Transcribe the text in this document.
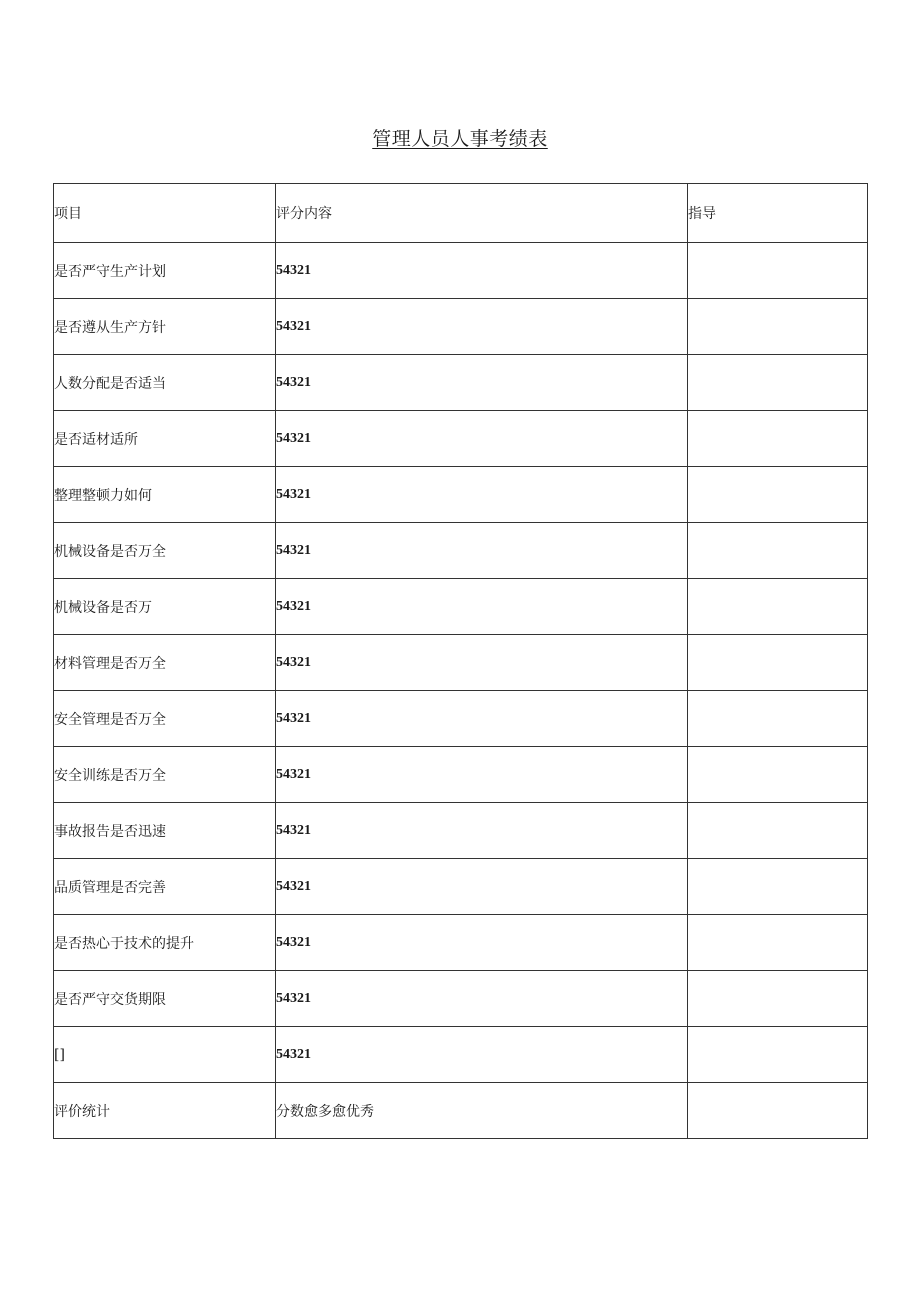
管理人员人事考绩表
项目	评分内容	指导
是否严守生产计划	54321	
是否遵从生产方针	54321	
人数分配是否适当	54321	
是否适材适所	54321	
整理整顿力如何	54321	
机械设备是否万全	54321	
机械设备是否万	54321	
材料管理是否万全	54321	
安全管理是否万全	54321	
安全训练是否万全	54321	
事故报告是否迅速	54321	
品质管理是否完善	54321	
是否热心于技术的提升	54321	
是否严守交货期限	54321	
[]	54321	
评价统计	分数愈多愈优秀	
